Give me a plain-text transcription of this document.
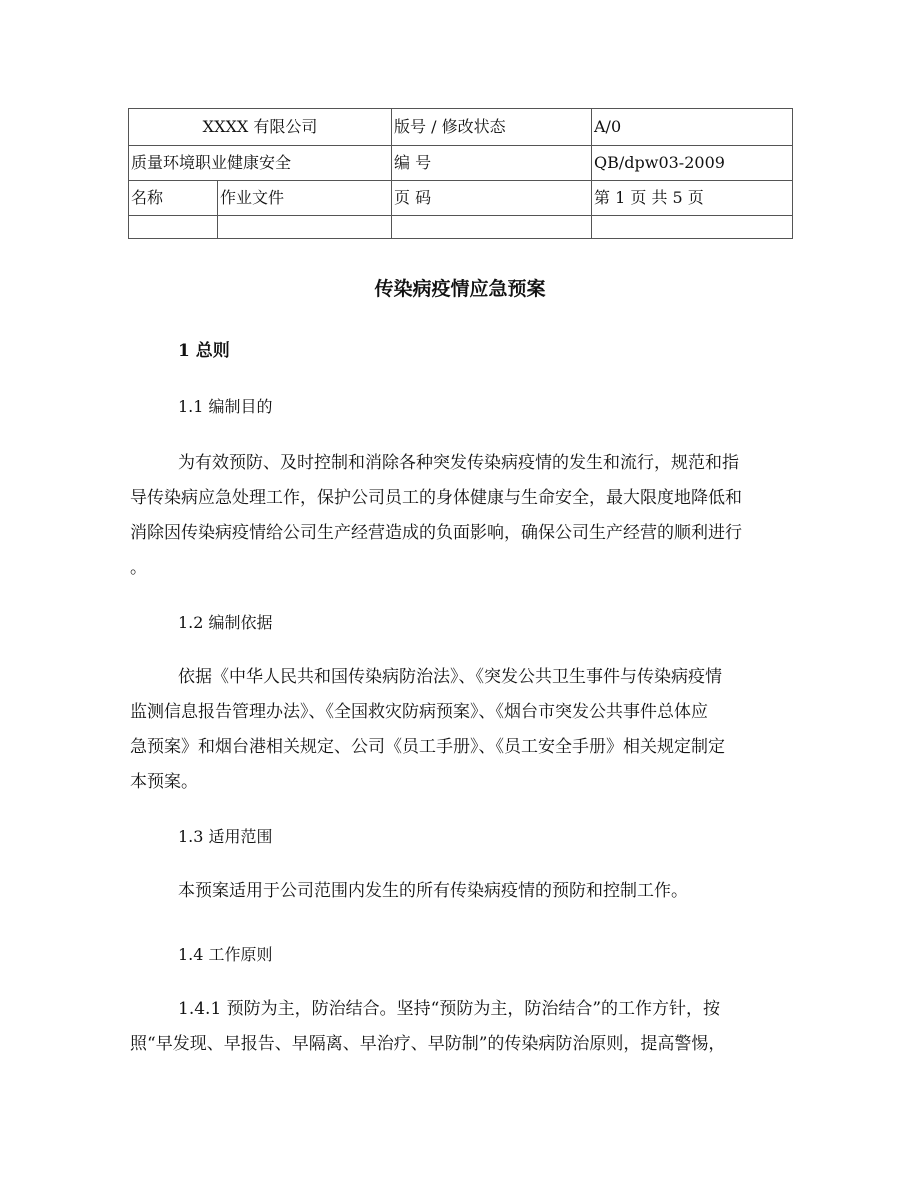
XXXX 有限公司		版号 / 修改状态	A/0
质量环境职业健康安全		编 号	QB/dpw03-2009
名称	作业文件	页 码	第 1 页 共 5 页

传染病疫情应急预案
1 总则
1.1 编制目的
为有效预防、及时控制和消除各种突发传染病疫情的发生和流行，规范和指
导传染病应急处理工作，保护公司员工的身体健康与生命安全，最大限度地降低和
消除因传染病疫情给公司生产经营造成的负面影响，确保公司生产经营的顺利进行
。
1.2 编制依据
依据《中华人民共和国传染病防治法》、《突发公共卫生事件与传染病疫情
监测信息报告管理办法》、《全国救灾防病预案》、《烟台市突发公共事件总体应
急预案》和烟台港相关规定、公司《员工手册》、《员工安全手册》相关规定制定
本预案。
1.3 适用范围
本预案适用于公司范围内发生的所有传染病疫情的预防和控制工作。
1.4 工作原则
1.4.1 预防为主，防治结合。坚持“预防为主，防治结合”的工作方针，按
照“早发现、早报告、早隔离、早治疗、早防制”的传染病防治原则，提高警惕，
